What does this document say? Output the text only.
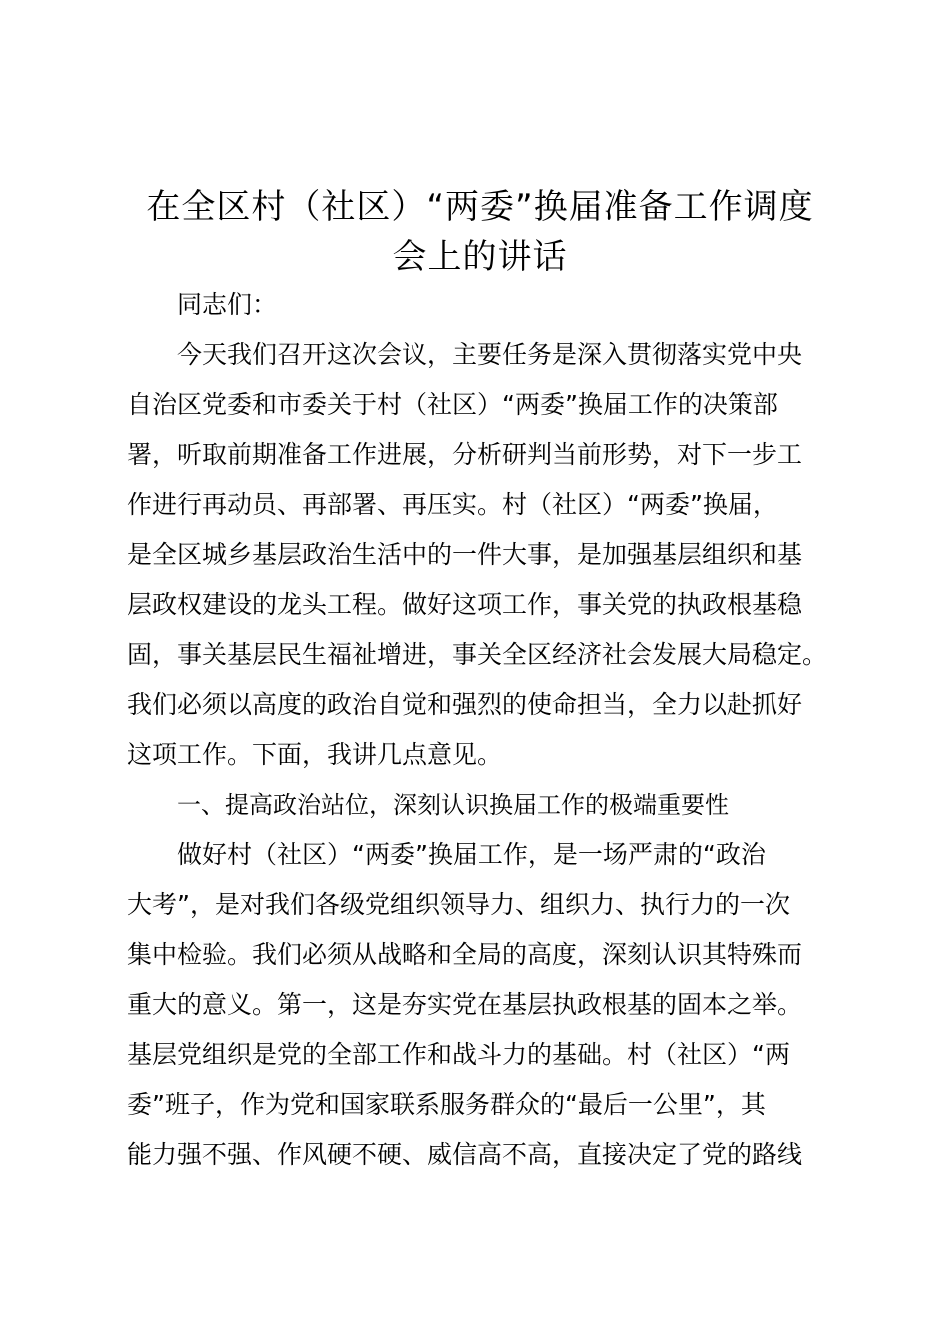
在全区村（社区）“两委”换届准备工作调度
会上的讲话
同志们：
今天我们召开这次会议，主要任务是深入贯彻落实党中央
自治区党委和市委关于村（社区）“两委”换届工作的决策部
署，听取前期准备工作进展，分析研判当前形势，对下一步工
作进行再动员、再部署、再压实。村（社区）“两委”换届，
是全区城乡基层政治生活中的一件大事，是加强基层组织和基
层政权建设的龙头工程。做好这项工作，事关党的执政根基稳
固，事关基层民生福祉增进，事关全区经济社会发展大局稳定。
我们必须以高度的政治自觉和强烈的使命担当，全力以赴抓好
这项工作。下面，我讲几点意见。
一、提高政治站位，深刻认识换届工作的极端重要性
做好村（社区）“两委”换届工作，是一场严肃的“政治
大考”，是对我们各级党组织领导力、组织力、执行力的一次
集中检验。我们必须从战略和全局的高度，深刻认识其特殊而
重大的意义。第一，这是夯实党在基层执政根基的固本之举。
基层党组织是党的全部工作和战斗力的基础。村（社区）“两
委”班子，作为党和国家联系服务群众的“最后一公里”，其
能力强不强、作风硬不硬、威信高不高，直接决定了党的路线
